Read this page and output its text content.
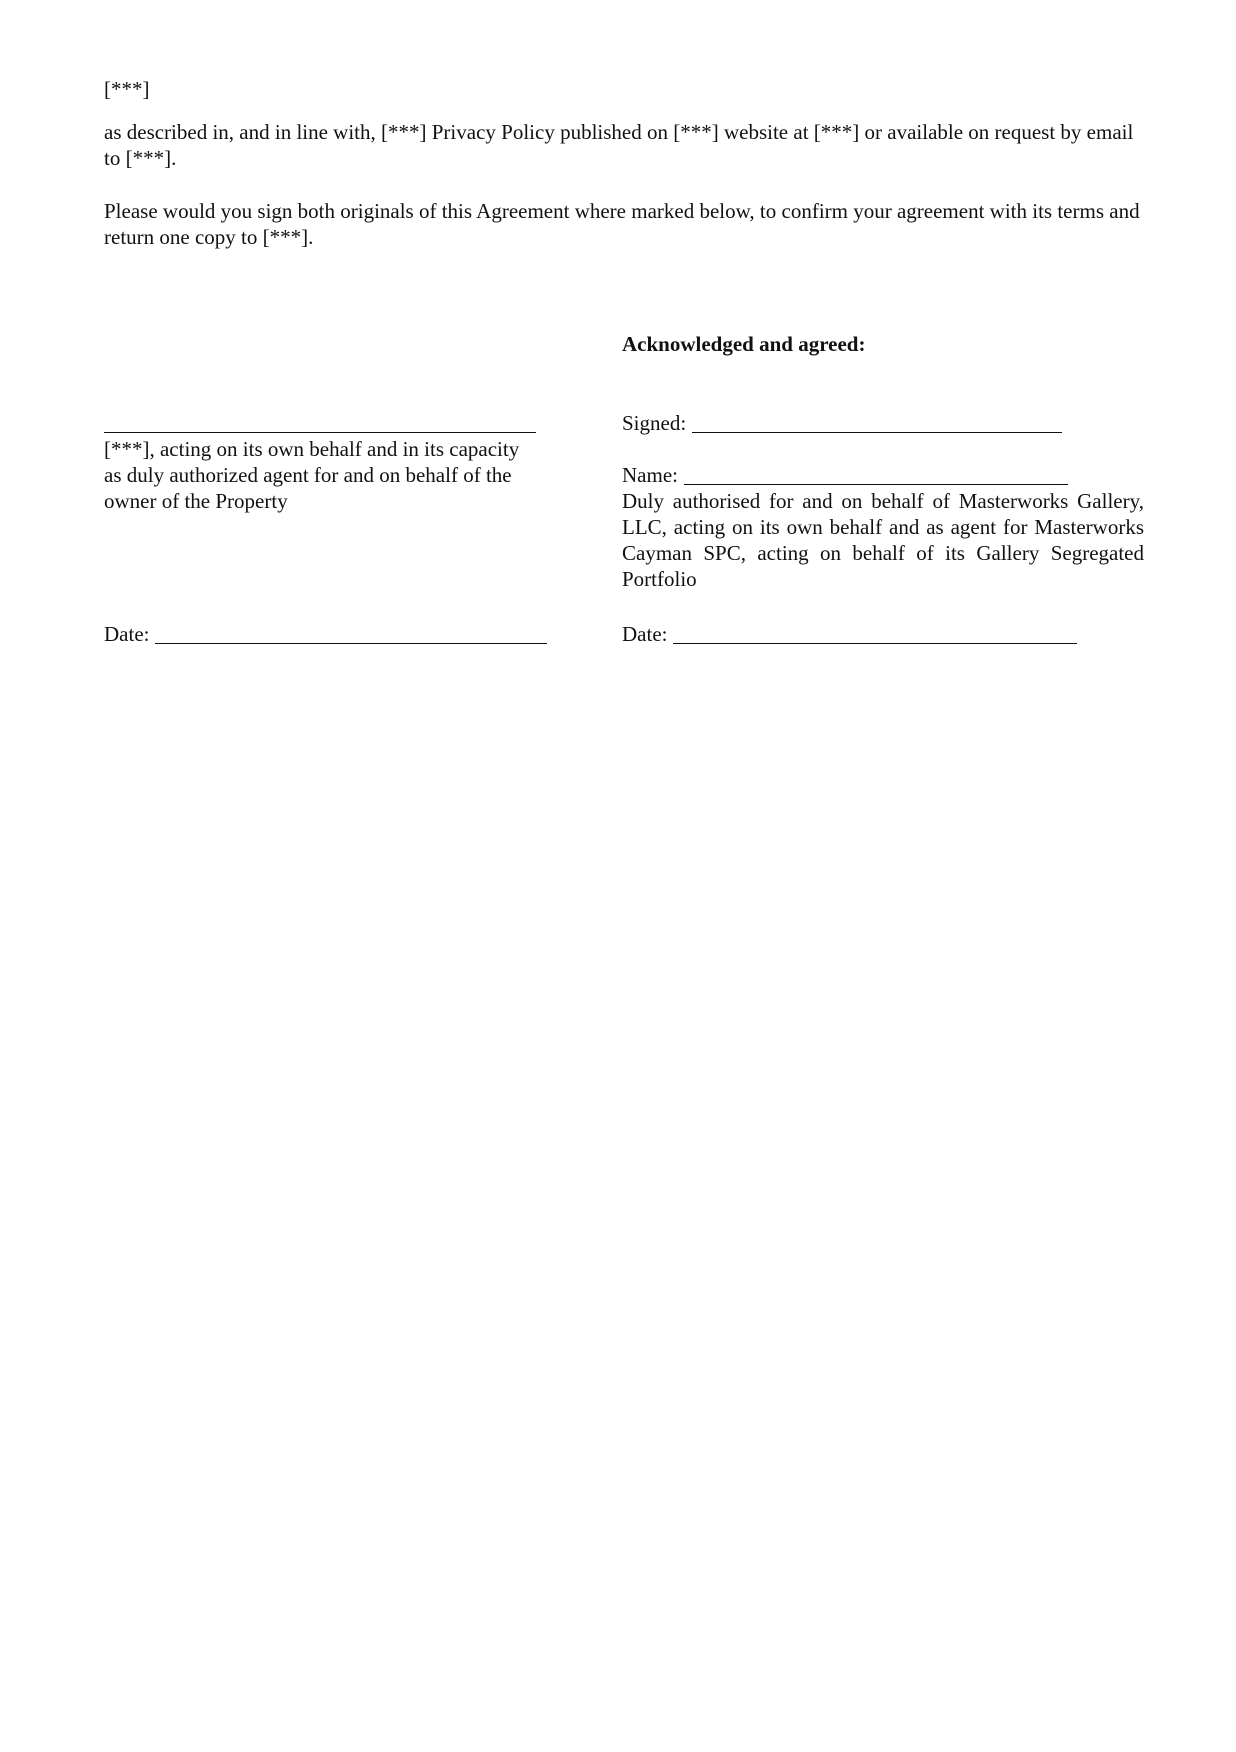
[***]

as described in, and in line with, [***] Privacy Policy published on [***] website at [***] or available on request by email to [***].

Please would you sign both originals of this Agreement where marked below, to confirm your agreement with its terms and return one copy to [***].

Acknowledged and agreed:
[***], acting on its own behalf and in its capacity as duly authorized agent for and on behalf of the owner of the Property
Date:
Signed:
Name:
Duly authorised for and on behalf of Masterworks Gallery, LLC, acting on its own behalf and as agent for Masterworks Cayman SPC, acting on behalf of its Gallery Segregated Portfolio
Date:
